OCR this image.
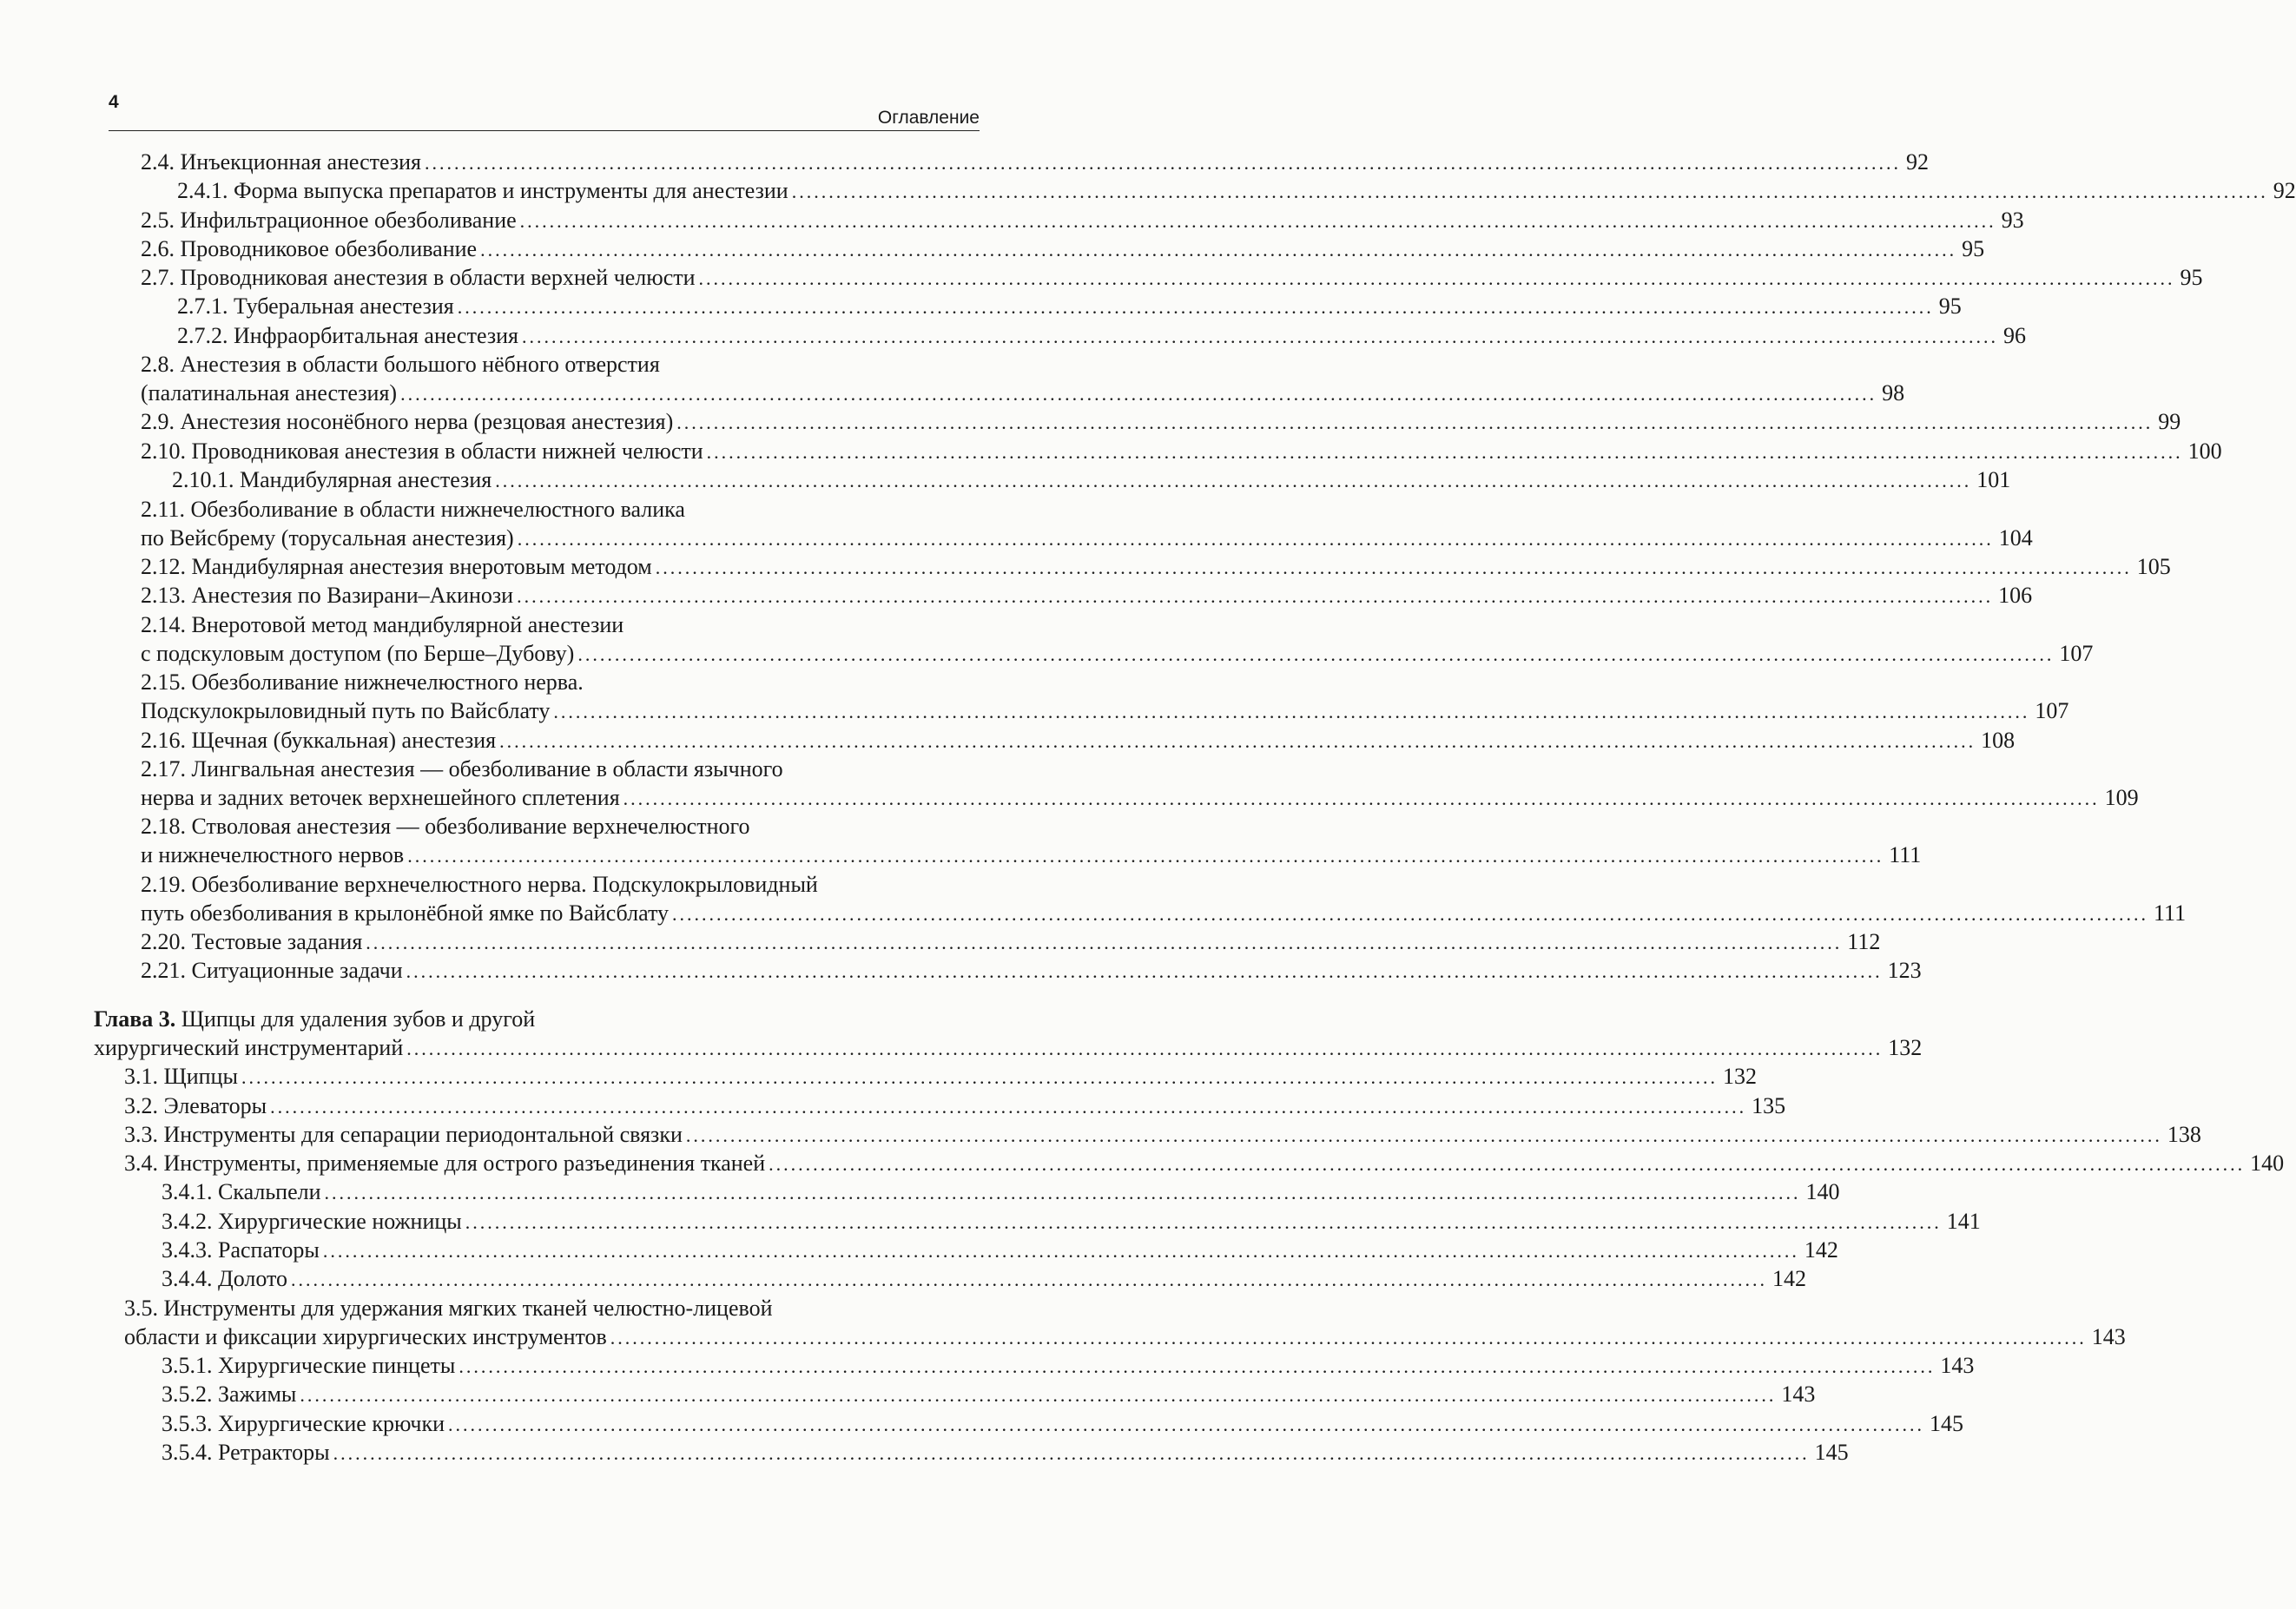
4
Оглавление
2.4. Инъекционная анестезия ........................................................................................................................................................................................................ 92
2.4.1. Форма выпуска препаратов и инструменты для анестезии ........................................................................................................................................................................................................ 92
2.5. Инфильтрационное обезболивание ........................................................................................................................................................................................................ 93
2.6. Проводниковое обезболивание ........................................................................................................................................................................................................ 95
2.7. Проводниковая анестезия в области верхней челюсти ........................................................................................................................................................................................................ 95
2.7.1. Туберальная анестезия ........................................................................................................................................................................................................ 95
2.7.2. Инфраорбитальная анестезия ........................................................................................................................................................................................................ 96
2.8. Анестезия в области большого нёбного отверстия
(палатинальная анестезия) ........................................................................................................................................................................................................ 98
2.9. Анестезия носонёбного нерва (резцовая анестезия) ........................................................................................................................................................................................................ 99
2.10. Проводниковая анестезия в области нижней челюсти ........................................................................................................................................................................................................ 100
2.10.1. Мандибулярная анестезия ........................................................................................................................................................................................................ 101
2.11. Обезболивание в области нижнечелюстного валика
по Вейсбрему (торусальная анестезия) ........................................................................................................................................................................................................ 104
2.12. Мандибулярная анестезия внеротовым методом ........................................................................................................................................................................................................ 105
2.13. Анестезия по Вазирани–Акинози ........................................................................................................................................................................................................ 106
2.14. Внеротовой метод мандибулярной анестезии
с подскуловым доступом (по Берше–Дубову) ........................................................................................................................................................................................................ 107
2.15. Обезболивание нижнечелюстного нерва.
Подскулокрыловидный путь по Вайсблату ........................................................................................................................................................................................................ 107
2.16. Щечная (буккальная) анестезия ........................................................................................................................................................................................................ 108
2.17. Лингвальная анестезия — обезболивание в области язычного
нерва и задних веточек верхнешейного сплетения ........................................................................................................................................................................................................ 109
2.18. Стволовая анестезия — обезболивание верхнечелюстного
и нижнечелюстного нервов ........................................................................................................................................................................................................ 111
2.19. Обезболивание верхнечелюстного нерва. Подскулокрыловидный
путь обезболивания в крылонёбной ямке по Вайсблату ........................................................................................................................................................................................................ 111
2.20. Тестовые задания ........................................................................................................................................................................................................ 112
2.21. Ситуационные задачи ........................................................................................................................................................................................................ 123
Глава 3. Щипцы для удаления зубов и другой
хирургический инструментарий ........................................................................................................................................................................................................ 132
3.1. Щипцы ........................................................................................................................................................................................................ 132
3.2. Элеваторы ........................................................................................................................................................................................................ 135
3.3. Инструменты для сепарации периодонтальной связки ........................................................................................................................................................................................................ 138
3.4. Инструменты, применяемые для острого разъединения тканей ........................................................................................................................................................................................................ 140
3.4.1. Скальпели ........................................................................................................................................................................................................ 140
3.4.2. Хирургические ножницы ........................................................................................................................................................................................................ 141
3.4.3. Распаторы ........................................................................................................................................................................................................ 142
3.4.4. Долото ........................................................................................................................................................................................................ 142
3.5. Инструменты для удержания мягких тканей челюстно-лицевой
области и фиксации хирургических инструментов ........................................................................................................................................................................................................ 143
3.5.1. Хирургические пинцеты ........................................................................................................................................................................................................ 143
3.5.2. Зажимы ........................................................................................................................................................................................................ 143
3.5.3. Хирургические крючки ........................................................................................................................................................................................................ 145
3.5.4. Ретракторы ........................................................................................................................................................................................................ 145
